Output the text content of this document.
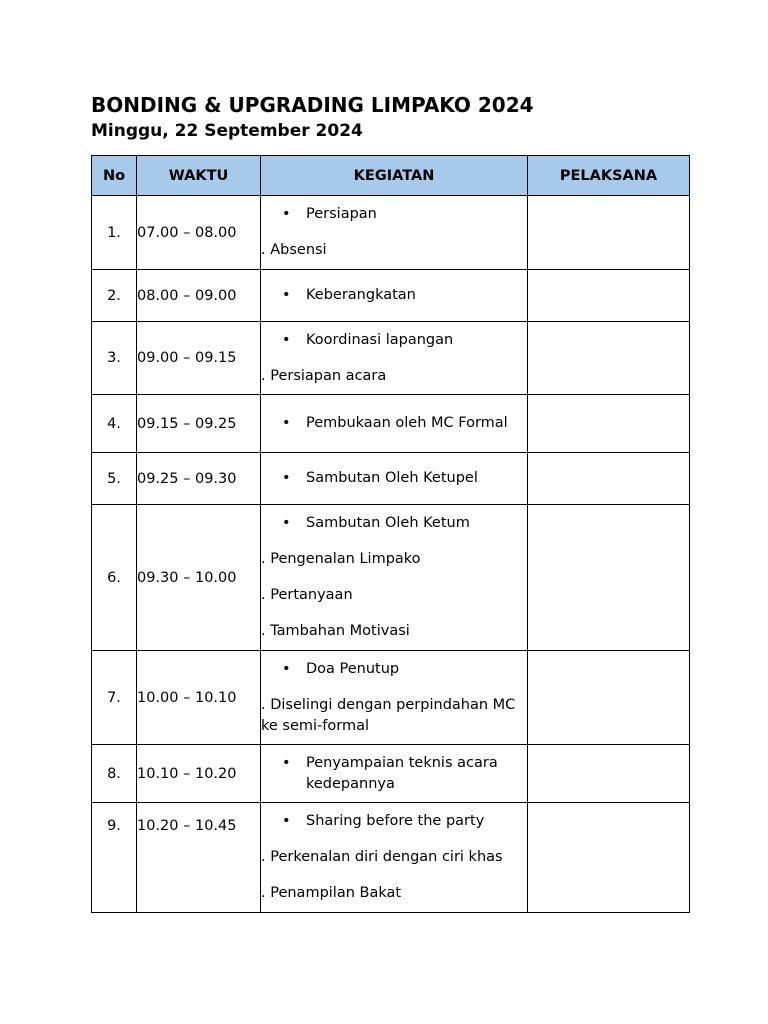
BONDING & UPGRADING LIMPAKO 2024
Minggu, 22 September 2024
No	WAKTU	KEGIATAN	PELAKSANA
1.	07.00 – 08.00	• Persiapan
. Absensi	

2.	08.00 – 09.00	• Keberangkatan	

3.	09.00 – 09.15	• Koordinasi lapangan
. Persiapan acara	

4.	09.15 – 09.25	• Pembukaan oleh MC Formal	

5.	09.25 – 09.30	• Sambutan Oleh Ketupel	

6.	09.30 – 10.00	• Sambutan Oleh Ketum
. Pengenalan Limpako
. Pertanyaan
. Tambahan Motivasi	

7.	10.00 – 10.10	• Doa Penutup
. Diselingi dengan perpindahan MC ke semi-formal	

8.	10.10 – 10.20	• Penyampaian teknis acara kedepannya	

9.	10.20 – 10.45	• Sharing before the party
. Perkenalan diri dengan ciri khas
. Penampilan Bakat	
